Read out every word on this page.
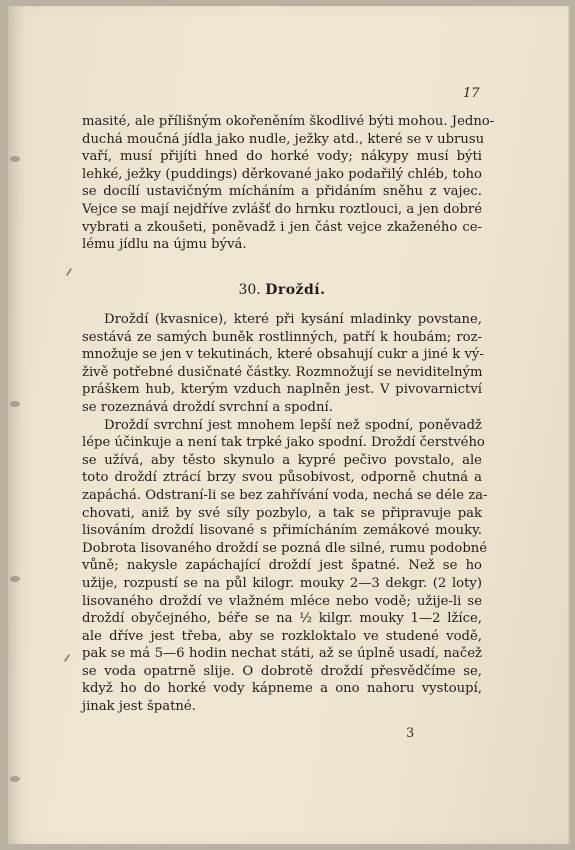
17
masité, ale přílišným okořeněním škodlivé býti mohou. Jedno-
duchá moučná jídla jako nudle, ježky atd., které se v ubrusu
vaří, musí přijíti hned do horké vody; nákypy musí býti
lehké, ježky (puddings) děrkované jako podařilý chléb, toho
se docílí ustavičným mícháním a přidáním sněhu z vajec.
Vejce se mají nejdříve zvlášť do hrnku roztlouci, a jen dobré
vybrati a zkoušeti, poněvadž i jen část vejce zkaženého ce-
lému jídlu na újmu bývá.
30. Droždí.
Droždí (kvasnice), které při kysání mladinky povstane,
sestává ze samých buněk rostlinných, patří k houbám; roz-
množuje se jen v tekutinách, které obsahují cukr a jiné k vý-
živě potřebné dusičnaté částky. Rozmnožují se neviditelným
práškem hub, kterým vzduch naplněn jest. V pivovarnictví
se rozeznává droždí svrchní a spodní.
Droždí svrchní jest mnohem lepší než spodní, poněvadž
lépe účinkuje a není tak trpké jako spodní. Droždí čerstvého
se užívá, aby těsto skynulo a kypré pečivo povstalo, ale
toto droždí ztrácí brzy svou působivost, odporně chutná a
zapáchá. Odstraní-li se bez zahřívání voda, nechá se déle za-
chovati, aniž by své síly pozbylo, a tak se připravuje pak
lisováním droždí lisované s přimícháním zemákové mouky.
Dobrota lisovaného droždí se pozná dle silné, rumu podobné
vůně; nakysle zapáchající droždí jest špatné. Než se ho
užije, rozpustí se na půl kilogr. mouky 2—3 dekgr. (2 loty)
lisovaného droždí ve vlažném mléce nebo vodě; užije-li se
droždí obyčejného, béře se na ½ kilgr. mouky 1—2 lžíce,
ale dříve jest třeba, aby se rozkloktalo ve studené vodě,
pak se má 5—6 hodin nechat státi, až se úplně usadí, načež
se voda opatrně slije. O dobrotě droždí přesvědčíme se,
když ho do horké vody kápneme a ono nahoru vystoupí,
jinak jest špatné.
3
